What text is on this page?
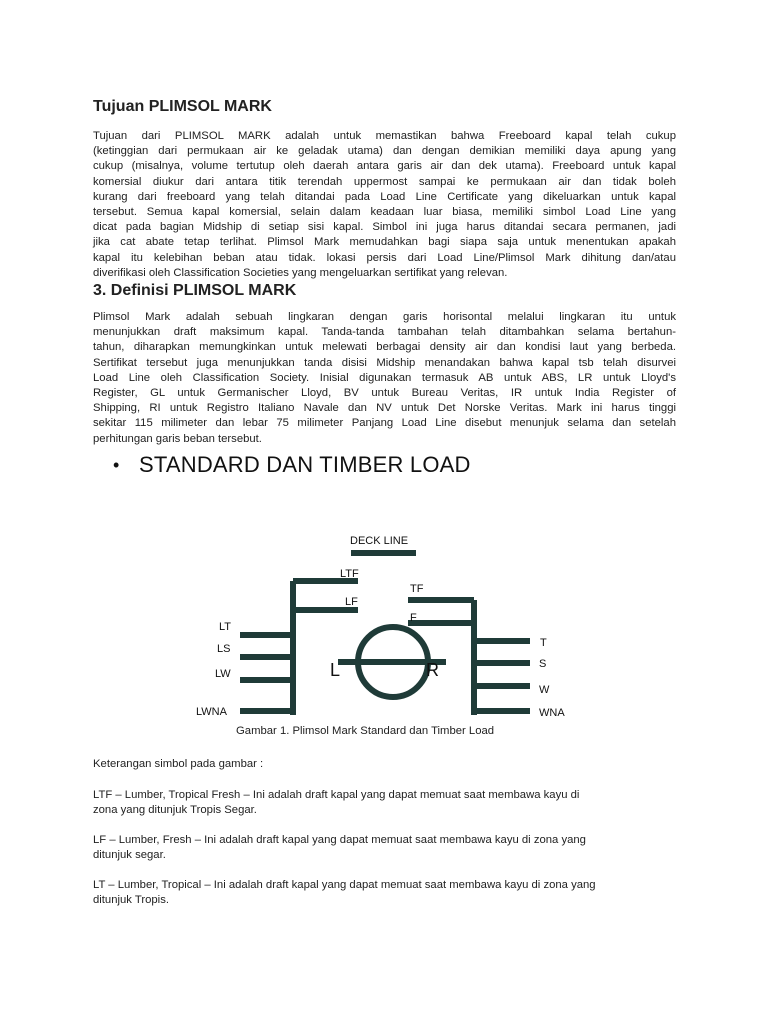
Tujuan PLIMSOL MARK
Tujuan dari PLIMSOL MARK adalah untuk memastikan bahwa Freeboard kapal telah cukup
(ketinggian dari permukaan air ke geladak utama) dan dengan demikian memiliki daya apung yang
cukup (misalnya, volume tertutup oleh daerah antara garis air dan dek utama). Freeboard untuk kapal
komersial diukur dari antara titik terendah uppermost sampai ke permukaan air dan tidak boleh
kurang dari freeboard yang telah ditandai pada Load Line Certificate yang dikeluarkan untuk kapal
tersebut. Semua kapal komersial, selain dalam keadaan luar biasa, memiliki simbol Load Line yang
dicat pada bagian Midship di setiap sisi kapal. Simbol ini juga harus ditandai secara permanen, jadi
jika cat abate tetap terlihat. Plimsol Mark memudahkan bagi siapa saja untuk menentukan apakah
kapal itu kelebihan beban atau tidak. lokasi persis dari Load Line/Plimsol Mark dihitung dan/atau
diverifikasi oleh Classification Societies yang mengeluarkan sertifikat yang relevan.
3. Definisi PLIMSOL MARK
Plimsol Mark adalah sebuah lingkaran dengan garis horisontal melalui lingkaran itu untuk
menunjukkan draft maksimum kapal. Tanda-tanda tambahan telah ditambahkan selama bertahun-
tahun, diharapkan memungkinkan untuk melewati berbagai density air dan kondisi laut yang berbeda.
Sertifikat tersebut juga menunjukkan tanda disisi Midship menandakan bahwa kapal tsb telah disurvei
Load Line oleh Classification Society. Inisial digunakan termasuk AB untuk ABS, LR untuk Lloyd's
Register, GL untuk Germanischer Lloyd, BV untuk Bureau Veritas, IR untuk India Register of
Shipping, RI untuk Registro Italiano Navale dan NV untuk Det Norske Veritas. Mark ini harus tinggi
sekitar 115 milimeter dan lebar 75 milimeter Panjang Load Line disebut menunjuk selama dan setelah
perhitungan garis beban tersebut.
• STANDARD DAN TIMBER LOAD
Gambar 1. Plimsol Mark Standard dan Timber Load
Keterangan simbol pada gambar :
LTF – Lumber, Tropical Fresh – Ini adalah draft kapal yang dapat memuat saat membawa kayu di
zona yang ditunjuk Tropis Segar.
LF – Lumber, Fresh – Ini adalah draft kapal yang dapat memuat saat membawa kayu di zona yang
ditunjuk segar.
LT – Lumber, Tropical – Ini adalah draft kapal yang dapat memuat saat membawa kayu di zona yang
ditunjuk Tropis.
DECK LINE
LTF
LF
LT
LS
LW
LWNA
TF
F
T
S
W
WNA
L	R
